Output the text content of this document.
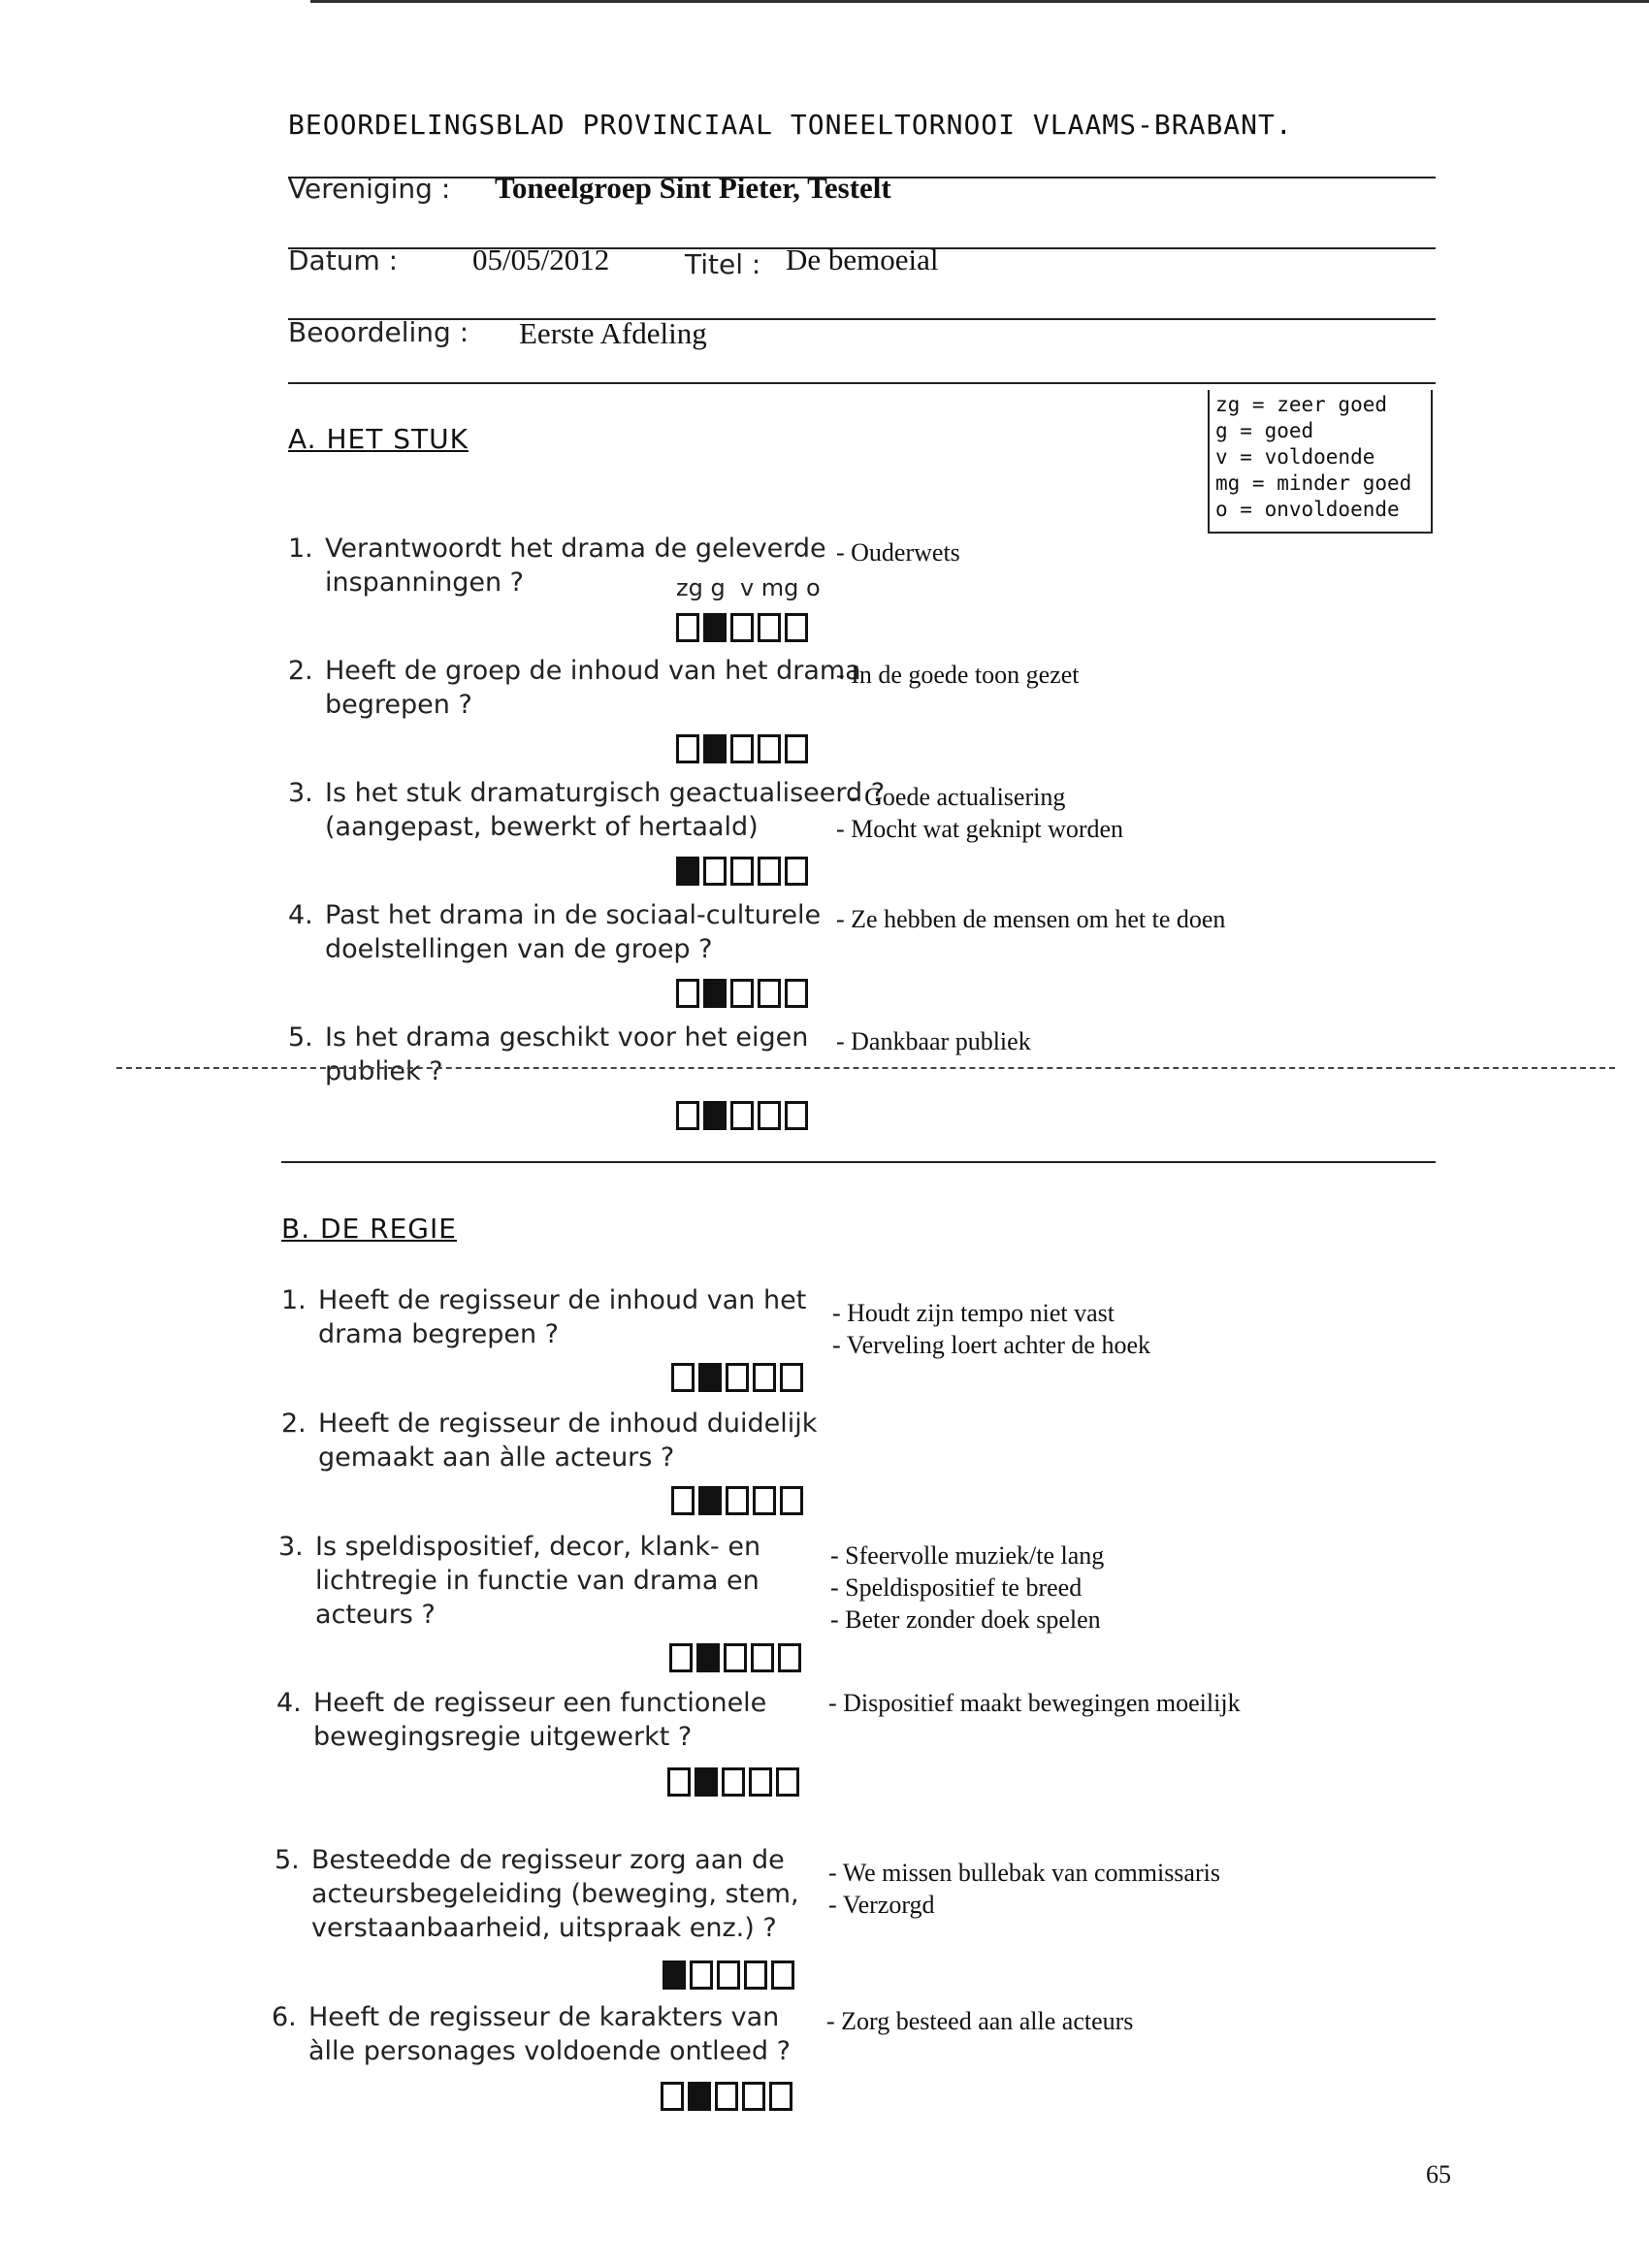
BEOORDELINGSBLAD PROVINCIAAL TONEELTORNOOI VLAAMS-BRABANT.
Vereniging : Toneelgroep Sint Pieter, Testelt
Datum : 05/05/2012	Titel : De bemoeial
Beoordeling : Eerste Afdeling
zg = zeer goed
g = goed
v = voldoende
mg = minder goed
o = onvoldoende
A. HET STUK
1. Verantwoordt het drama de geleverde
inspanningen ?	zg g  v mg o
- Ouderwets
2. Heeft de groep de inhoud van het drama
begrepen ?
- In de goede toon gezet
3. Is het stuk dramaturgisch geactualiseerd ?
(aangepast, bewerkt of hertaald)
- Goede actualisering
- Mocht wat geknipt worden
4. Past het drama in de sociaal-culturele
doelstellingen van de groep ?
- Ze hebben de mensen om het te doen
5. Is het drama geschikt voor het eigen
publiek ?
- Dankbaar publiek
B. DE REGIE
1. Heeft de regisseur de inhoud van het
drama begrepen ?
- Houdt zijn tempo niet vast
- Verveling loert achter de hoek
2. Heeft de regisseur de inhoud duidelijk
gemaakt aan àlle acteurs ?
3. Is speldispositief, decor, klank- en
lichtregie in functie van drama en
acteurs ?
- Sfeervolle muziek/te lang
- Speldispositief te breed
- Beter zonder doek spelen
4. Heeft de regisseur een functionele
bewegingsregie uitgewerkt ?
- Dispositief maakt bewegingen moeilijk
5. Besteedde de regisseur zorg aan de
acteursbegeleiding (beweging, stem,
verstaanbaarheid, uitspraak enz.) ?
- We missen bullebak van commissaris
- Verzorgd
6. Heeft de regisseur de karakters van
àlle personages voldoende ontleed ?
- Zorg besteed aan alle acteurs
65
